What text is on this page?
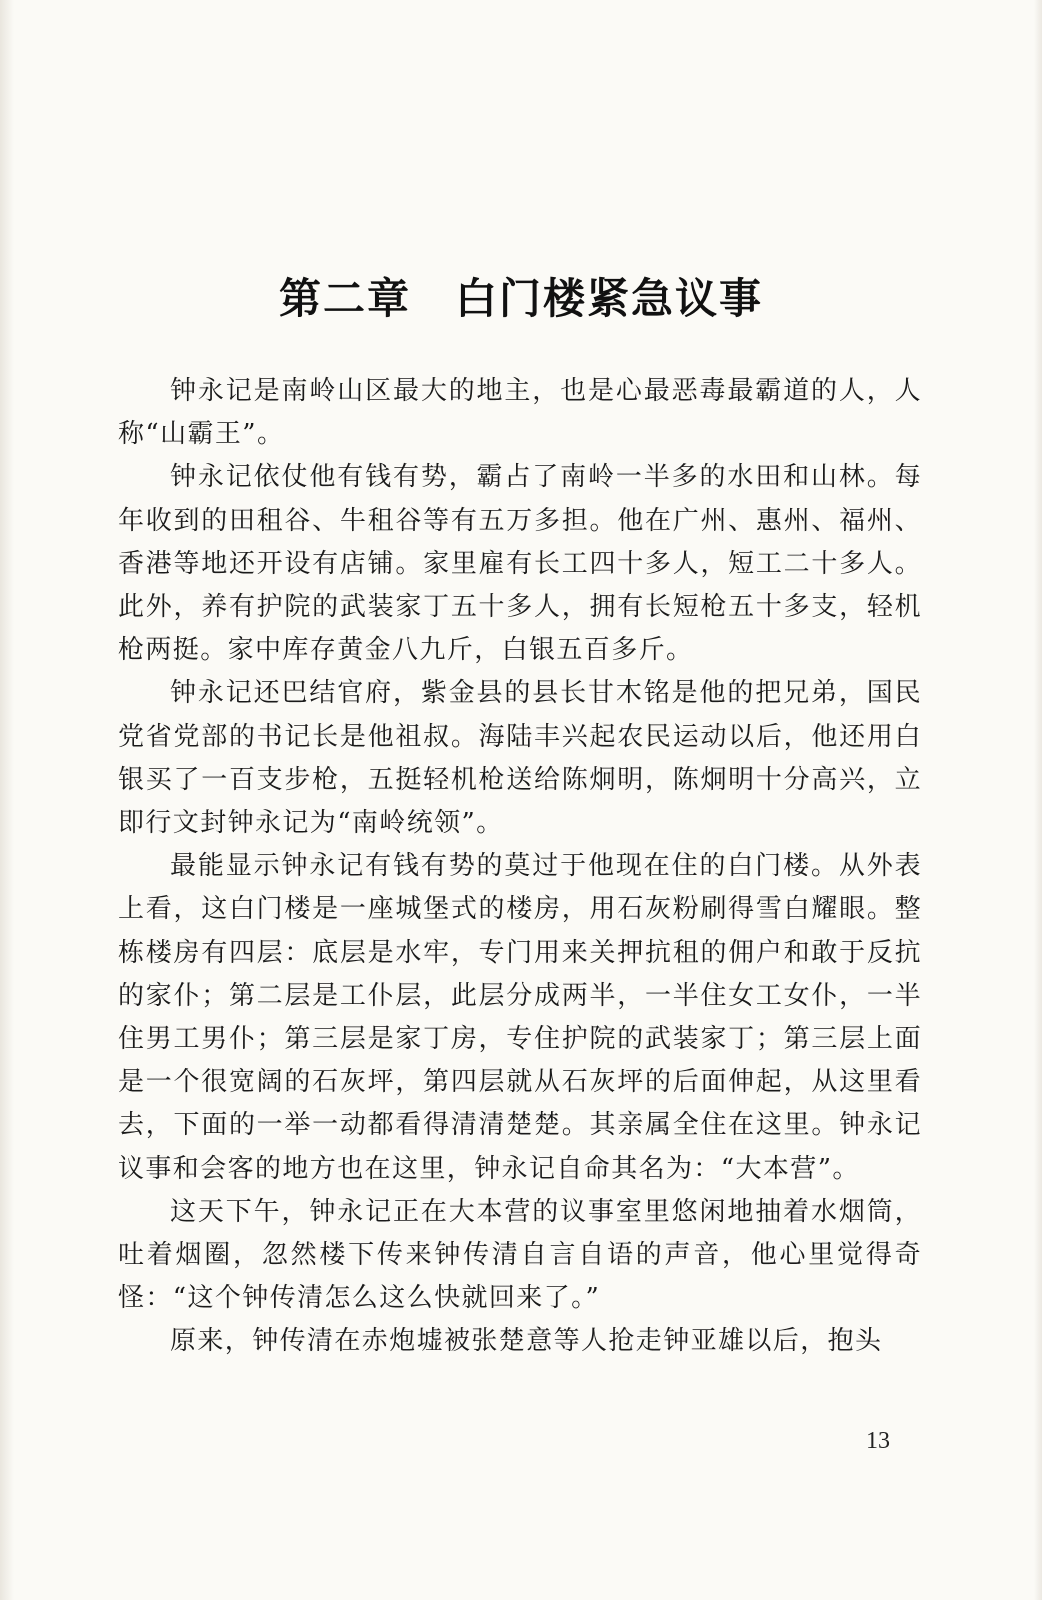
第二章　白门楼紧急议事

钟永记是南岭山区最大的地主，也是心最恶毒最霸道的人，人称“山霸王”。

钟永记依仗他有钱有势，霸占了南岭一半多的水田和山林。每年收到的田租谷、牛租谷等有五万多担。他在广州、惠州、福州、香港等地还开设有店铺。家里雇有长工四十多人，短工二十多人。此外，养有护院的武装家丁五十多人，拥有长短枪五十多支，轻机枪两挺。家中库存黄金八九斤，白银五百多斤。

钟永记还巴结官府，紫金县的县长甘木铭是他的把兄弟，国民党省党部的书记长是他祖叔。海陆丰兴起农民运动以后，他还用白银买了一百支步枪，五挺轻机枪送给陈炯明，陈炯明十分高兴，立即行文封钟永记为“南岭统领”。

最能显示钟永记有钱有势的莫过于他现在住的白门楼。从外表上看，这白门楼是一座城堡式的楼房，用石灰粉刷得雪白耀眼。整栋楼房有四层：底层是水牢，专门用来关押抗租的佣户和敢于反抗的家仆；第二层是工仆层，此层分成两半，一半住女工女仆，一半住男工男仆；第三层是家丁房，专住护院的武装家丁；第三层上面是一个很宽阔的石灰坪，第四层就从石灰坪的后面伸起，从这里看去，下面的一举一动都看得清清楚楚。其亲属全住在这里。钟永记议事和会客的地方也在这里，钟永记自命其名为：“大本营”。

这天下午，钟永记正在大本营的议事室里悠闲地抽着水烟筒，吐着烟圈，忽然楼下传来钟传清自言自语的声音，他心里觉得奇怪：“这个钟传清怎么这么快就回来了。”

原来，钟传清在赤炮墟被张楚意等人抢走钟亚雄以后，抱头

13
